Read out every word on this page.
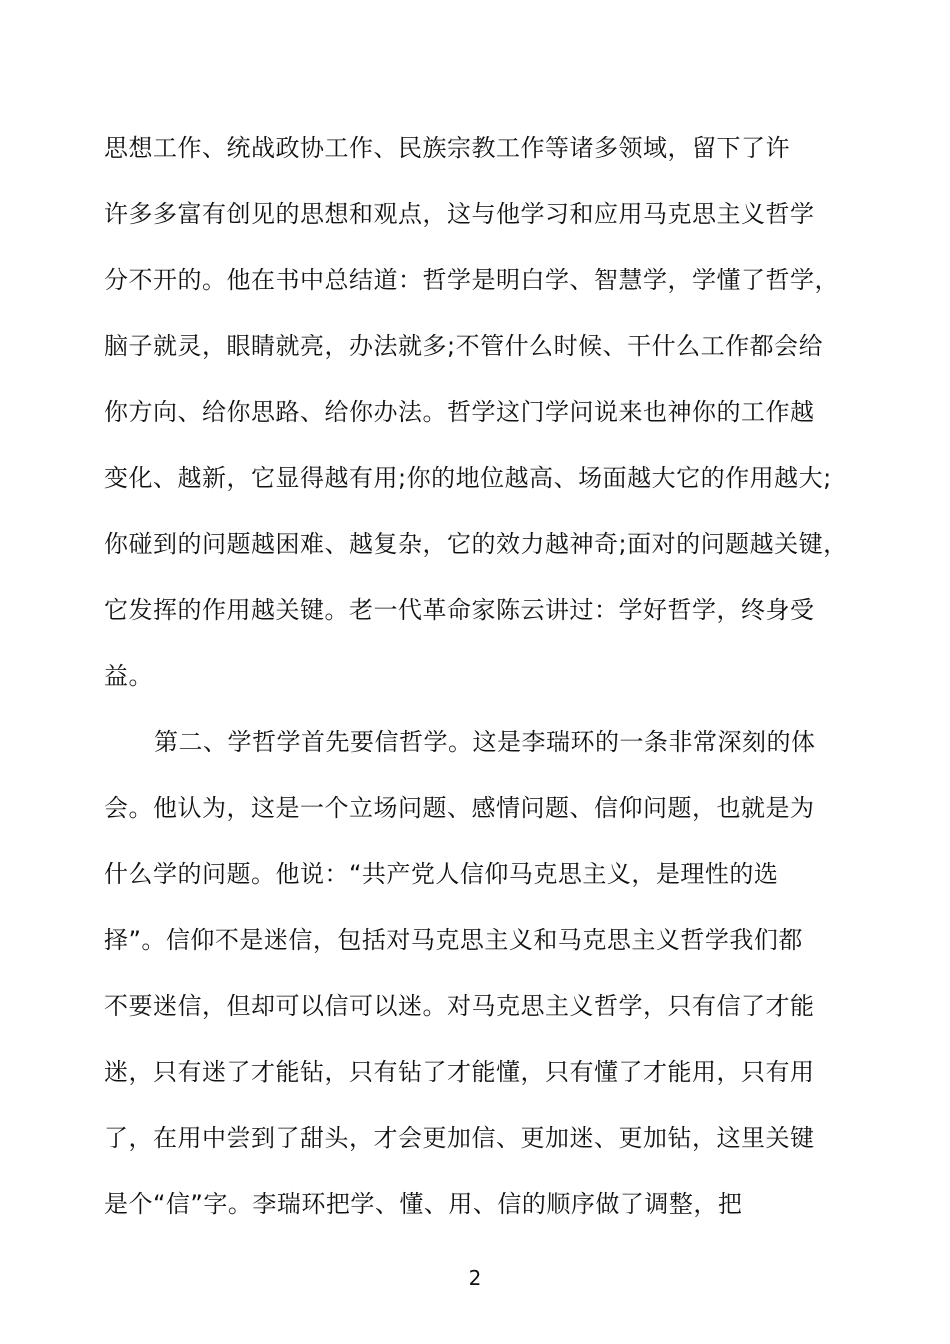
思想工作、统战政协工作、民族宗教工作等诸多领域，留下了许
许多多富有创见的思想和观点，这与他学习和应用马克思主义哲学
分不开的。他在书中总结道：哲学是明白学、智慧学，学懂了哲学，
脑子就灵，眼睛就亮，办法就多;不管什么时候、干什么工作都会给
你方向、给你思路、给你办法。哲学这门学问说来也神你的工作越
变化、越新，它显得越有用;你的地位越高、场面越大它的作用越大;
你碰到的问题越困难、越复杂，它的效力越神奇;面对的问题越关键，
它发挥的作用越关键。老一代革命家陈云讲过：学好哲学，终身受
益。
第二、学哲学首先要信哲学。这是李瑞环的一条非常深刻的体
会。他认为，这是一个立场问题、感情问题、信仰问题，也就是为
什么学的问题。他说：“共产党人信仰马克思主义，是理性的选
择”。信仰不是迷信，包括对马克思主义和马克思主义哲学我们都
不要迷信，但却可以信可以迷。对马克思主义哲学，只有信了才能
迷，只有迷了才能钻，只有钻了才能懂，只有懂了才能用，只有用
了，在用中尝到了甜头，才会更加信、更加迷、更加钻，这里关键
是个“信”字。李瑞环把学、懂、用、信的顺序做了调整，把
2
